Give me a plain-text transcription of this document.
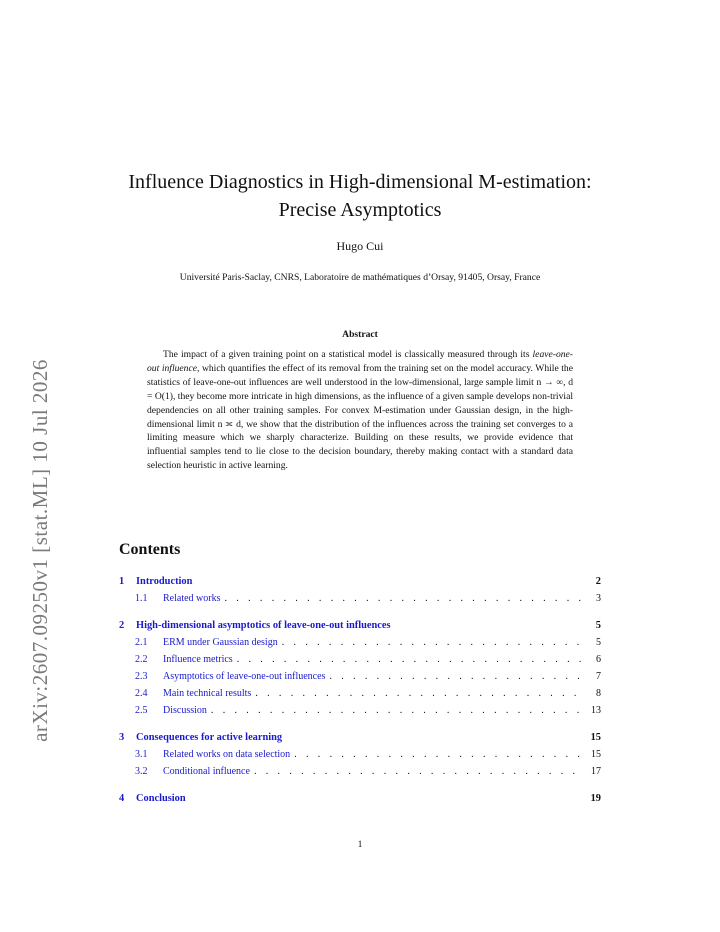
arXiv:2607.09250v1 [stat.ML] 10 Jul 2026
Influence Diagnostics in High-dimensional M-estimation:
Precise Asymptotics
Hugo Cui
Université Paris-Saclay, CNRS, Laboratoire de mathématiques d’Orsay, 91405, Orsay, France
Abstract
The impact of a given training point on a statistical model is classically measured through its leave-one-out influence, which quantifies the effect of its removal from the training set on the model accuracy. While the statistics of leave-one-out influences are well understood in the low-dimensional, large sample limit n → ∞, d = O(1), they become more intricate in high dimensions, as the influence of a given sample develops non-trivial dependencies on all other training samples. For convex M-estimation under Gaussian design, in the high-dimensional limit n ≍ d, we show that the distribution of the influences across the training set converges to a limiting measure which we sharply characterize. Building on these results, we provide evidence that influential samples tend to lie close to the decision boundary, thereby making contact with a standard data selection heuristic in active learning.
Contents
1	Introduction	2
1.1	Related works . . .	3
2	High-dimensional asymptotics of leave-one-out influences	5
2.1	ERM under Gaussian design . . .	5
2.2	Influence metrics . . .	6
2.3	Asymptotics of leave-one-out influences . . .	7
2.4	Main technical results . . .	8
2.5	Discussion . . .	13
3	Consequences for active learning	15
3.1	Related works on data selection . . .	15
3.2	Conditional influence . . .	17
4	Conclusion	19
1
